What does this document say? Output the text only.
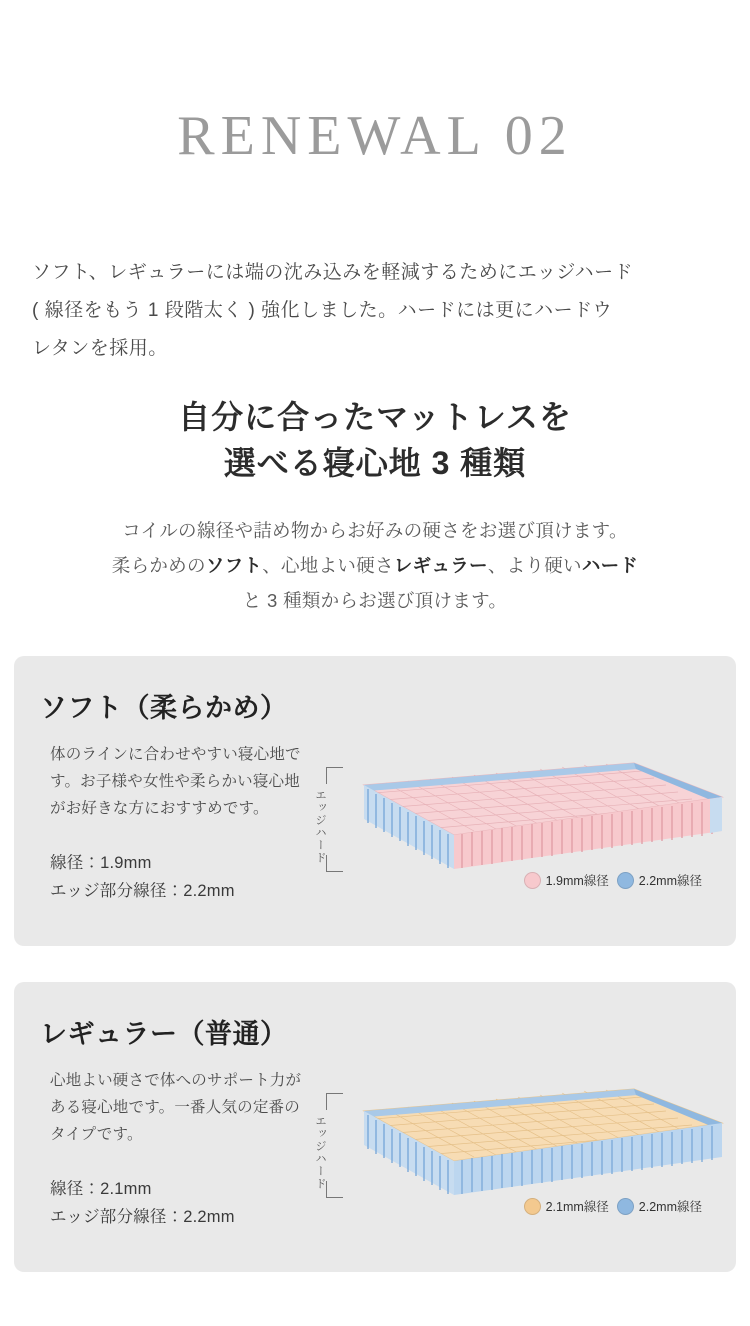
RENEWAL 02
ソフト、レギュラーには端の沈み込みを軽減するためにエッジハード
( 線径をもう 1 段階太く ) 強化しました。ハードには更にハードウ
レタンを採用。
自分に合ったマットレスを
選べる寝心地 3 種類
コイルの線径や詰め物からお好みの硬さをお選び頂けます。
柔らかめのソフト、心地よい硬さレギュラー、より硬いハード
と 3 種類からお選び頂けます。
ソフト（柔らかめ）
体のラインに合わせやすい寝心地です。お子様や女性や柔らかい寝心地がお好きな方におすすめです。
線径：1.9mm
エッジ部分線径：2.2mm
エッジハード
1.9mm線径 2.2mm線径
レギュラー（普通）
心地よい硬さで体へのサポート力がある寝心地です。一番人気の定番のタイプです。
線径：2.1mm
エッジ部分線径：2.2mm
エッジハード
2.1mm線径 2.2mm線径
